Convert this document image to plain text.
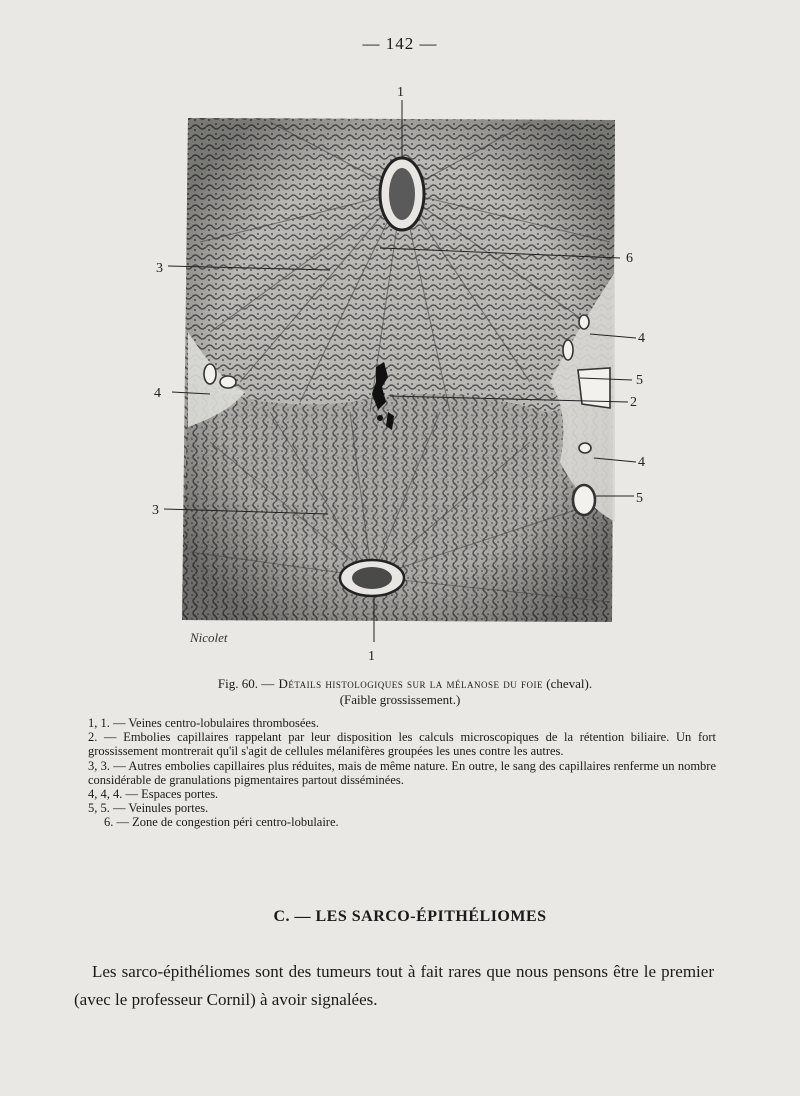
— 142 —
1
1
3
3
4
6
4
5
2
4
5
Nicolet
Fig. 60. — Détails histologiques sur la mélanose du foie (cheval).
(Faible grossissement.)

1, 1. — Veines centro-lobulaires thrombosées.

2. — Embolies capillaires rappelant par leur disposition les calculs microscopiques de la rétention biliaire. Un fort grossissement montrerait qu'il s'agit de cellules mélanifères groupées les unes contre les autres.

3, 3. — Autres embolies capillaires plus réduites, mais de même nature. En outre, le sang des capillaires renferme un nombre considérable de granulations pigmentaires partout disséminées.

4, 4, 4. — Espaces portes.

5, 5. — Veinules portes.

6. — Zone de congestion péri centro-lobulaire.

C. — LES SARCO-ÉPITHÉLIOMES

Les sarco-épithéliomes sont des tumeurs tout à fait rares que nous pensons être le premier (avec le professeur Cornil) à avoir signalées.
